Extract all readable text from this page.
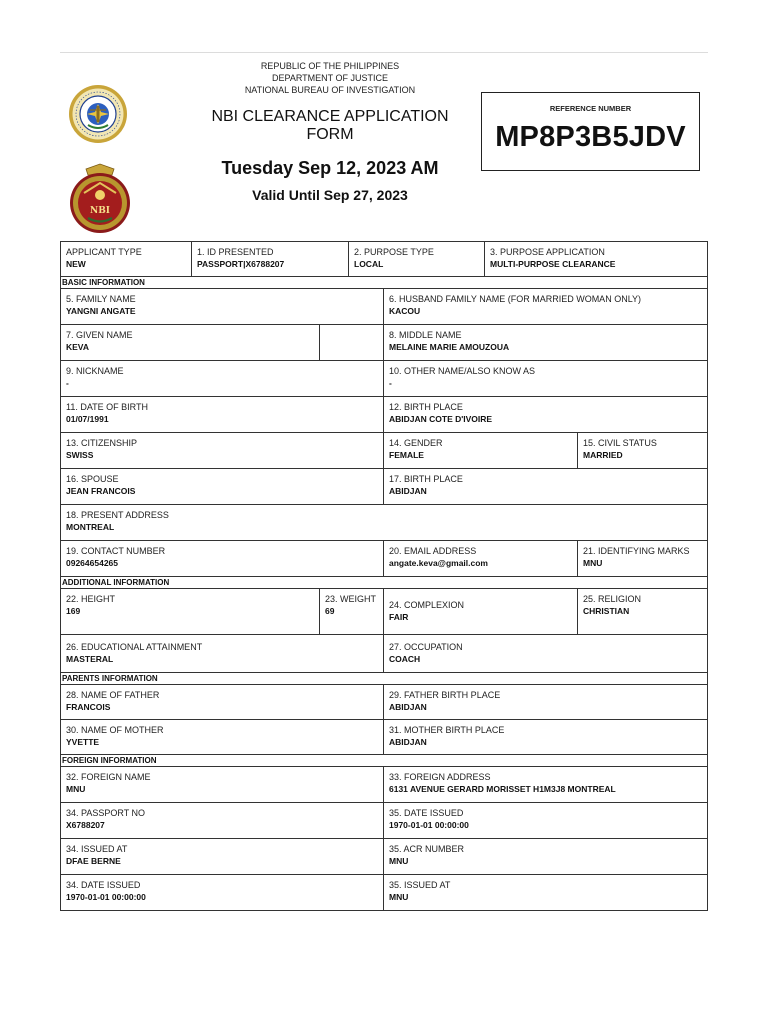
NBI
REPUBLIC OF THE PHILIPPINES
DEPARTMENT OF JUSTICE
NATIONAL BUREAU OF INVESTIGATION
NBI CLEARANCE APPLICATION
FORM
Tuesday Sep 12, 2023 AM
Valid Until Sep 27, 2023
REFERENCE NUMBER
MP8P3B5JDV
APPLICANT TYPE
NEW
1. ID PRESENTED
PASSPORT|X6788207
2. PURPOSE TYPE
LOCAL
3. PURPOSE APPLICATION
MULTI-PURPOSE CLEARANCE
BASIC INFORMATION
5. FAMILY NAME
YANGNI ANGATE
6. HUSBAND FAMILY NAME (FOR MARRIED WOMAN ONLY)
KACOU
7. GIVEN NAME
KEVA
8. MIDDLE NAME
MELAINE MARIE AMOUZOUA
9. NICKNAME
-
10. OTHER NAME/ALSO KNOW AS
-
11. DATE OF BIRTH
01/07/1991
12. BIRTH PLACE
ABIDJAN COTE D'IVOIRE
13. CITIZENSHIP
SWISS
14. GENDER
FEMALE
15. CIVIL STATUS
MARRIED
16. SPOUSE
JEAN FRANCOIS
17. BIRTH PLACE
ABIDJAN
18. PRESENT ADDRESS
MONTREAL
19. CONTACT NUMBER
09264654265
20. EMAIL ADDRESS
angate.keva@gmail.com
21. IDENTIFYING MARKS
MNU
ADDITIONAL INFORMATION
22. HEIGHT
169
23. WEIGHT
69
24. COMPLEXION
FAIR
25. RELIGION
CHRISTIAN
26. EDUCATIONAL ATTAINMENT
MASTERAL
27. OCCUPATION
COACH
PARENTS INFORMATION
28. NAME OF FATHER
FRANCOIS
29. FATHER BIRTH PLACE
ABIDJAN
30. NAME OF MOTHER
YVETTE
31. MOTHER BIRTH PLACE
ABIDJAN
FOREIGN INFORMATION
32. FOREIGN NAME
MNU
33. FOREIGN ADDRESS
6131 AVENUE GERARD MORISSET H1M3J8 MONTREAL
34. PASSPORT NO
X6788207
35. DATE ISSUED
1970-01-01 00:00:00
34. ISSUED AT
DFAE BERNE
35. ACR NUMBER
MNU
34. DATE ISSUED
1970-01-01 00:00:00
35. ISSUED AT
MNU
